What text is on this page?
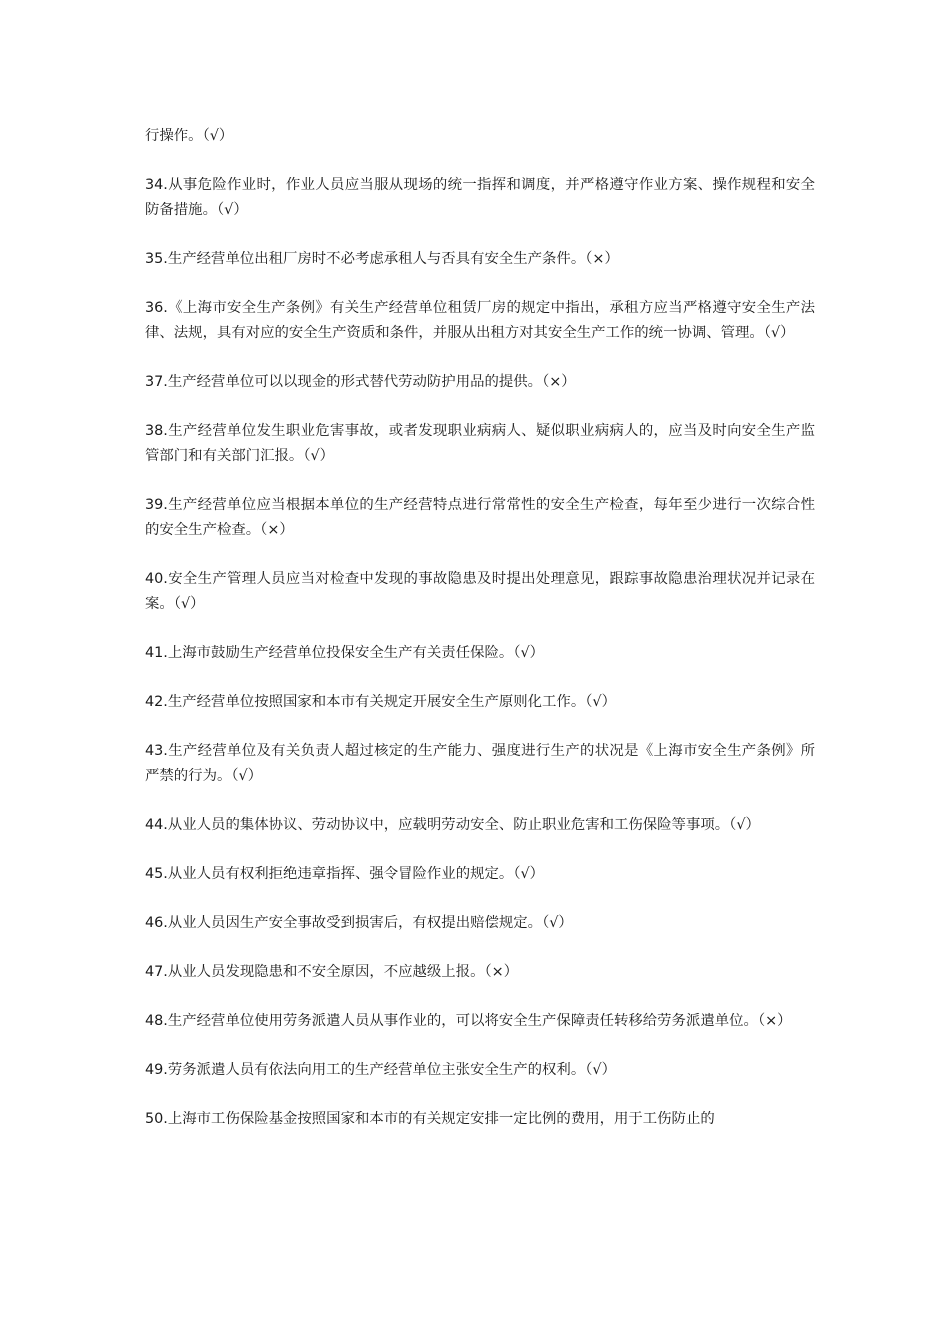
行操作。（√）

34.从事危险作业时，作业人员应当服从现场的统一指挥和调度，并严格遵守作业方案、操作规程和安全防备措施。（√）

35.生产经营单位出租厂房时不必考虑承租人与否具有安全生产条件。（×）

36.《上海市安全生产条例》有关生产经营单位租赁厂房的规定中指出，承租方应当严格遵守安全生产法律、法规，具有对应的安全生产资质和条件，并服从出租方对其安全生产工作的统一协调、管理。（√）

37.生产经营单位可以以现金的形式替代劳动防护用品的提供。（×）

38.生产经营单位发生职业危害事故，或者发现职业病病人、疑似职业病病人的，应当及时向安全生产监管部门和有关部门汇报。（√）

39.生产经营单位应当根据本单位的生产经营特点进行常常性的安全生产检查，每年至少进行一次综合性的安全生产检查。（×）

40.安全生产管理人员应当对检查中发现的事故隐患及时提出处理意见，跟踪事故隐患治理状况并记录在案。（√）

41.上海市鼓励生产经营单位投保安全生产有关责任保险。（√）

42.生产经营单位按照国家和本市有关规定开展安全生产原则化工作。（√）

43.生产经营单位及有关负责人超过核定的生产能力、强度进行生产的状况是《上海市安全生产条例》所严禁的行为。（√）

44.从业人员的集体协议、劳动协议中，应载明劳动安全、防止职业危害和工伤保险等事项。（√）

45.从业人员有权利拒绝违章指挥、强令冒险作业的规定。（√）

46.从业人员因生产安全事故受到损害后，有权提出赔偿规定。（√）

47.从业人员发现隐患和不安全原因，不应越级上报。（×）

48.生产经营单位使用劳务派遣人员从事作业的，可以将安全生产保障责任转移给劳务派遣单位。（×）

49.劳务派遣人员有依法向用工的生产经营单位主张安全生产的权利。（√）

50.上海市工伤保险基金按照国家和本市的有关规定安排一定比例的费用，用于工伤防止的
